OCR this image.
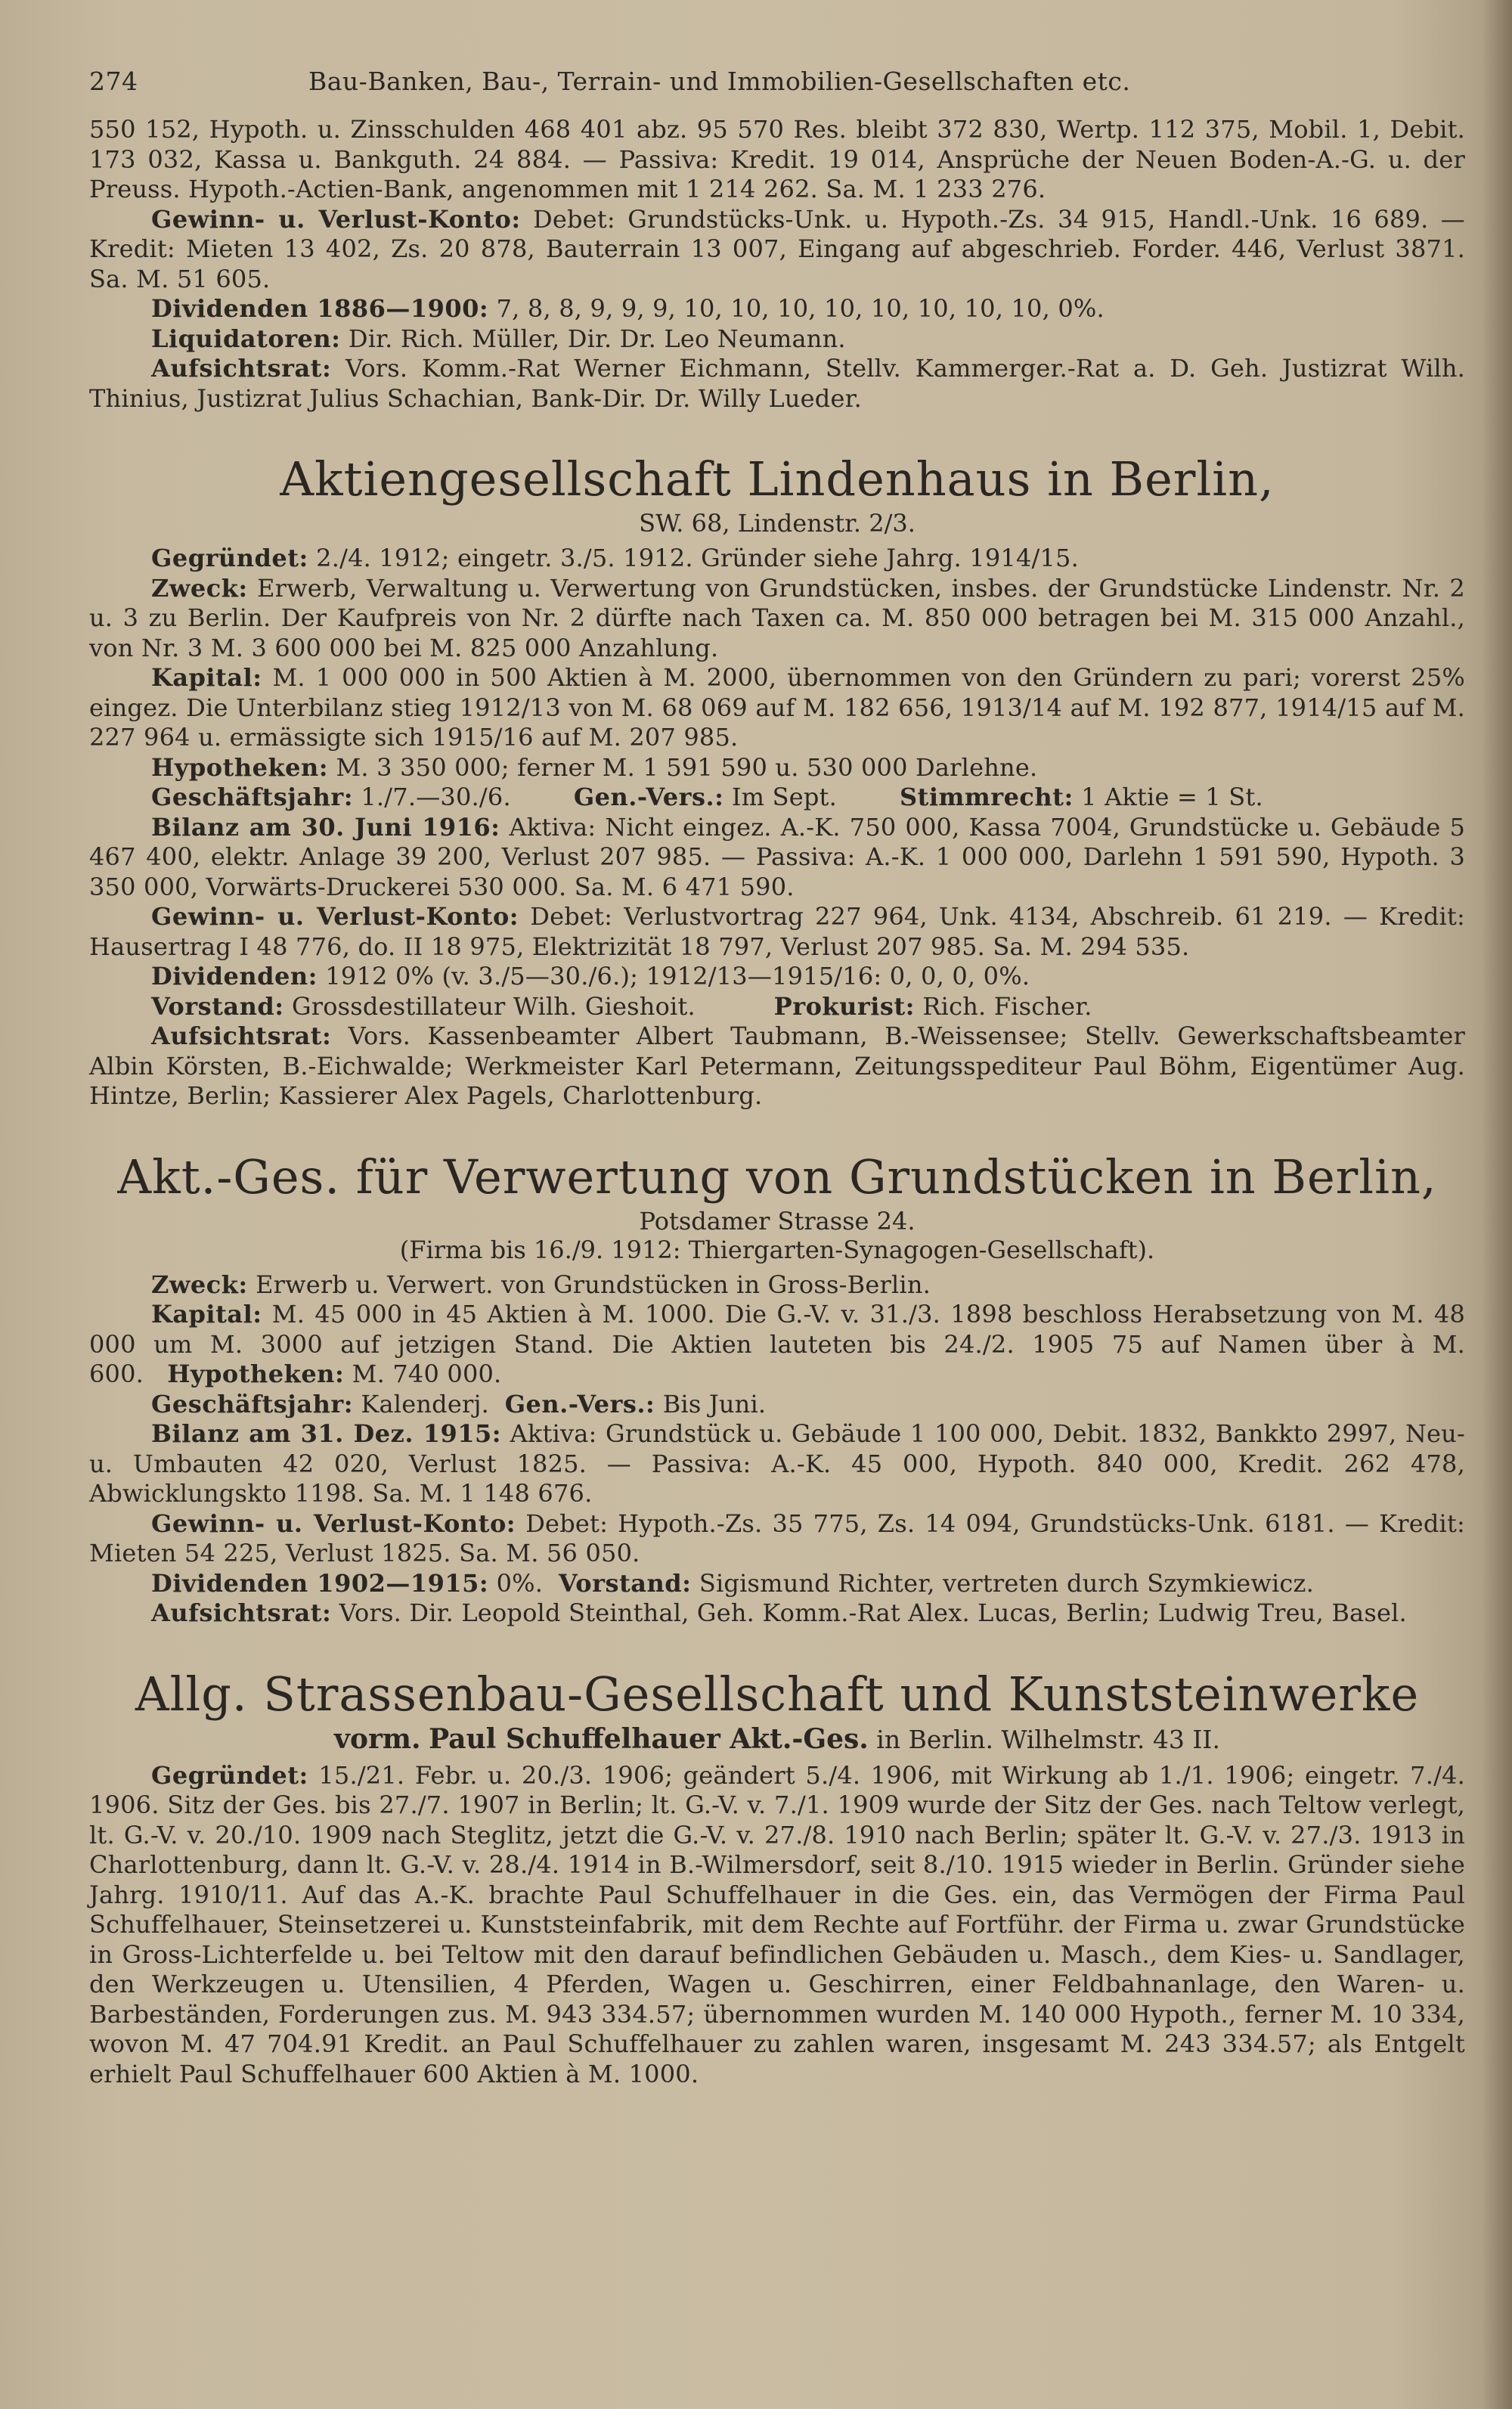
274	Bau-Banken, Bau-, Terrain- und Immobilien-Gesellschaften etc.

550 152, Hypoth. u. Zinsschulden 468 401 abz. 95 570 Res. bleibt 372 830, Wertp. 112 375, Mobil. 1, Debit. 173 032, Kassa u. Bankguth. 24 884. — Passiva: Kredit. 19 014, Ansprüche der Neuen Boden-A.-G. u. der Preuss. Hypoth.-Actien-Bank, angenommen mit 1 214 262. Sa. M. 1 233 276.

Gewinn- u. Verlust-Konto: Debet: Grundstücks-Unk. u. Hypoth.-Zs. 34 915, Handl.-Unk. 16 689. — Kredit: Mieten 13 402, Zs. 20 878, Bauterrain 13 007, Eingang auf abgeschrieb. Forder. 446, Verlust 3871. Sa. M. 51 605.

Dividenden 1886—1900: 7, 8, 8, 9, 9, 9, 10, 10, 10, 10, 10, 10, 10, 10, 0%.

Liquidatoren: Dir. Rich. Müller, Dir. Dr. Leo Neumann.

Aufsichtsrat: Vors. Komm.-Rat Werner Eichmann, Stellv. Kammerger.-Rat a. D. Geh. Justizrat Wilh. Thinius, Justizrat Julius Schachian, Bank-Dir. Dr. Willy Lueder.

Aktiengesellschaft Lindenhaus in Berlin,
SW. 68, Lindenstr. 2/3.

Gegründet: 2./4. 1912; eingetr. 3./5. 1912. Gründer siehe Jahrg. 1914/15.

Zweck: Erwerb, Verwaltung u. Verwertung von Grundstücken, insbes. der Grundstücke Lindenstr. Nr. 2 u. 3 zu Berlin. Der Kaufpreis von Nr. 2 dürfte nach Taxen ca. M. 850 000 betragen bei M. 315 000 Anzahl., von Nr. 3 M. 3 600 000 bei M. 825 000 Anzahlung.

Kapital: M. 1 000 000 in 500 Aktien à M. 2000, übernommen von den Gründern zu pari; vorerst 25% eingez. Die Unterbilanz stieg 1912/13 von M. 68 069 auf M. 182 656, 1913/14 auf M. 192 877, 1914/15 auf M. 227 964 u. ermässigte sich 1915/16 auf M. 207 985.

Hypotheken: M. 3 350 000; ferner M. 1 591 590 u. 530 000 Darlehne.

Geschäftsjahr: 1./7.—30./6.	Gen.-Vers.: Im Sept.	Stimmrecht: 1 Aktie = 1 St.

Bilanz am 30. Juni 1916: Aktiva: Nicht eingez. A.-K. 750 000, Kassa 7004, Grundstücke u. Gebäude 5 467 400, elektr. Anlage 39 200, Verlust 207 985. — Passiva: A.-K. 1 000 000, Darlehn 1 591 590, Hypoth. 3 350 000, Vorwärts-Druckerei 530 000. Sa. M. 6 471 590.

Gewinn- u. Verlust-Konto: Debet: Verlustvortrag 227 964, Unk. 4134, Abschreib. 61 219. — Kredit: Hausertrag I 48 776, do. II 18 975, Elektrizität 18 797, Verlust 207 985. Sa. M. 294 535.

Dividenden: 1912 0% (v. 3./5—30./6.); 1912/13—1915/16: 0, 0, 0, 0%.

Vorstand: Grossdestillateur Wilh. Gieshoit.	Prokurist: Rich. Fischer.

Aufsichtsrat: Vors. Kassenbeamter Albert Taubmann, B.-Weissensee; Stellv. Gewerkschaftsbeamter Albin Körsten, B.-Eichwalde; Werkmeister Karl Petermann, Zeitungsspediteur Paul Böhm, Eigentümer Aug. Hintze, Berlin; Kassierer Alex Pagels, Charlottenburg.

Akt.-Ges. für Verwertung von Grundstücken in Berlin,
Potsdamer Strasse 24.
(Firma bis 16./9. 1912: Thiergarten-Synagogen-Gesellschaft).

Zweck: Erwerb u. Verwert. von Grundstücken in Gross-Berlin.

Kapital: M. 45 000 in 45 Aktien à M. 1000. Die G.-V. v. 31./3. 1898 beschloss Herabsetzung von M. 48 000 um M. 3000 auf jetzigen Stand. Die Aktien lauteten bis 24./2. 1905 75 auf Namen über à M. 600. Hypotheken: M. 740 000.

Geschäftsjahr: Kalenderj. Gen.-Vers.: Bis Juni.

Bilanz am 31. Dez. 1915: Aktiva: Grundstück u. Gebäude 1 100 000, Debit. 1832, Bankkto 2997, Neu- u. Umbauten 42 020, Verlust 1825. — Passiva: A.-K. 45 000, Hypoth. 840 000, Kredit. 262 478, Abwicklungskto 1198. Sa. M. 1 148 676.

Gewinn- u. Verlust-Konto: Debet: Hypoth.-Zs. 35 775, Zs. 14 094, Grundstücks-Unk. 6181. — Kredit: Mieten 54 225, Verlust 1825. Sa. M. 56 050.

Dividenden 1902—1915: 0%. Vorstand: Sigismund Richter, vertreten durch Szymkiewicz.

Aufsichtsrat: Vors. Dir. Leopold Steinthal, Geh. Komm.-Rat Alex. Lucas, Berlin; Ludwig Treu, Basel.

Allg. Strassenbau-Gesellschaft und Kunststeinwerke
vorm. Paul Schuffelhauer Akt.-Ges. in Berlin. Wilhelmstr. 43 II.

Gegründet: 15./21. Febr. u. 20./3. 1906; geändert 5./4. 1906, mit Wirkung ab 1./1. 1906; eingetr. 7./4. 1906. Sitz der Ges. bis 27./7. 1907 in Berlin; lt. G.-V. v. 7./1. 1909 wurde der Sitz der Ges. nach Teltow verlegt, lt. G.-V. v. 20./10. 1909 nach Steglitz, jetzt die G.-V. v. 27./8. 1910 nach Berlin; später lt. G.-V. v. 27./3. 1913 in Charlottenburg, dann lt. G.-V. v. 28./4. 1914 in B.-Wilmersdorf, seit 8./10. 1915 wieder in Berlin. Gründer siehe Jahrg. 1910/11. Auf das A.-K. brachte Paul Schuffelhauer in die Ges. ein, das Vermögen der Firma Paul Schuffelhauer, Steinsetzerei u. Kunststeinfabrik, mit dem Rechte auf Fortführ. der Firma u. zwar Grundstücke in Gross-Lichterfelde u. bei Teltow mit den darauf befindlichen Gebäuden u. Masch., dem Kies- u. Sandlager, den Werkzeugen u. Utensilien, 4 Pferden, Wagen u. Geschirren, einer Feldbahnanlage, den Waren- u. Barbeständen, Forderungen zus. M. 943 334.57; übernommen wurden M. 140 000 Hypoth., ferner M. 10 334, wovon M. 47 704.91 Kredit. an Paul Schuffelhauer zu zahlen waren, insgesamt M. 243 334.57; als Entgelt erhielt Paul Schuffelhauer 600 Aktien à M. 1000.
